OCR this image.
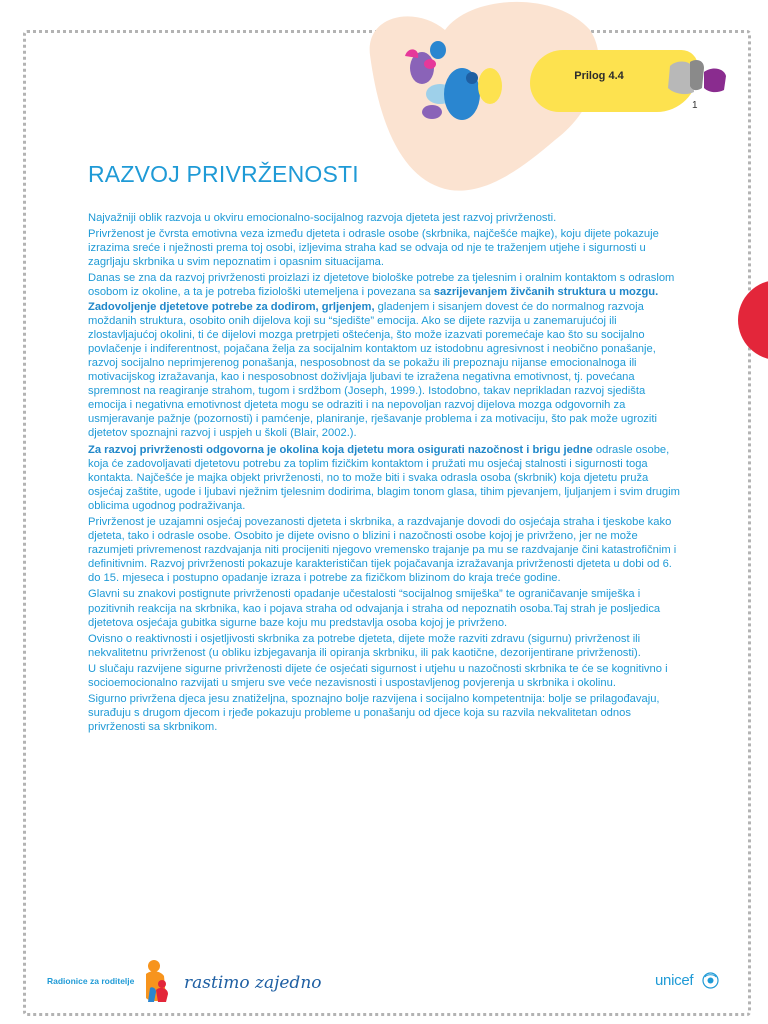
Prilog 4.4
1
RAZVOJ PRIVRŽENOSTI

Najvažniji oblik razvoja u okviru emocionalno-socijalnog razvoja djeteta jest razvoj privrženosti.

Privrženost je čvrsta emotivna veza između djeteta i odrasle osobe (skrbnika, najčešće majke), koju dijete pokazuje izrazima sreće i nježnosti prema toj osobi, izljevima straha kad se odvaja od nje te traženjem utjehe i sigurnosti u zagrljaju skrbnika u svim nepoznatim i opasnim situacijama.

Danas se zna da razvoj privrženosti proizlazi iz djetetove biološke potrebe za tjelesnim i oralnim kontaktom s odraslom osobom iz okoline, a ta je potreba fiziološki utemeljena i povezana sa sazrijevanjem živčanih struktura u mozgu. Zadovoljenje djetetove potrebe za dodirom, grljenjem, gladenjem i sisanjem dovest će do normalnog razvoja moždanih struktura, osobito onih dijelova koji su “sjedište” emocija. Ako se dijete razvija u zanemarujućoj ili zlostavljajućoj okolini, ti će dijelovi mozga pretrpjeti oštećenja, što može izazvati poremećaje kao što su socijalno povlačenje i indiferentnost, pojačana želja za socijalnim kontaktom uz istodobnu agresivnost i neobično ponašanje, razvoj socijalno neprimjerenog ponašanja, nesposobnost da se pokažu ili prepoznaju nijanse emocionalnoga ili motivacijskog izražavanja, kao i nesposobnost doživljaja ljubavi te izražena negativna emotivnost, tj. povećana spremnost na reagiranje strahom, tugom i srdžbom (Joseph, 1999.). Istodobno, takav neprikladan razvoj sjedišta emocija i negativna emotivnost djeteta mogu se odraziti i na nepovoljan razvoj dijelova mozga odgovornih za usmjeravanje pažnje (pozornosti) i pamćenje, planiranje, rješavanje problema i za motivaciju, što pak može ugroziti djetetov spoznajni razvoj i uspjeh u školi (Blair, 2002.).

Za razvoj privrženosti odgovorna je okolina koja djetetu mora osigurati nazočnost i brigu jedne odrasle osobe, koja će zadovoljavati djetetovu potrebu za toplim fizičkim kontaktom i pružati mu osjećaj stalnosti i sigurnosti toga kontakta. Najčešće je majka objekt privrženosti, no to može biti i svaka odrasla osoba (skrbnik) koja djetetu pruža osjećaj zaštite, ugode i ljubavi nježnim tjelesnim dodirima, blagim tonom glasa, tihim pjevanjem, ljuljanjem i svim drugim oblicima ugodnog podraživanja.

Privrženost je uzajamni osjećaj povezanosti djeteta i skrbnika, a razdvajanje dovodi do osjećaja straha i tjeskobe kako djeteta, tako i odrasle osobe. Osobito je dijete ovisno o blizini i nazočnosti osobe kojoj je privrženo, jer ne može razumjeti privremenost razdvajanja niti procijeniti njegovo vremensko trajanje pa mu se razdvajanje čini katastrofičnim i definitivnim. Razvoj privrženosti pokazuje karakterističan tijek pojačavanja izražavanja privrženosti djeteta u dobi od 6. do 15. mjeseca i postupno opadanje izraza i potrebe za fizičkom blizinom do kraja treće godine.

Glavni su znakovi postignute privrženosti opadanje učestalosti “socijalnog smiješka” te ograničavanje smiješka i pozitivnih reakcija na skrbnika, kao i pojava straha od odvajanja i straha od nepoznatih osoba.Taj strah je posljedica djetetova osjećaja gubitka sigurne baze koju mu predstavlja osoba kojoj je privrženo.

Ovisno o reaktivnosti i osjetljivosti skrbnika za potrebe djeteta, dijete može razviti zdravu (sigurnu) privrženost ili nekvalitetnu privrženost (u obliku izbjegavanja ili opiranja skrbniku, ili pak kaotične, dezorijentirane privrženosti).

U slučaju razvijene sigurne privrženosti dijete će osjećati sigurnost i utjehu u nazočnosti skrbnika te će se kognitivno i socioemocionalno razvijati u smjeru sve veće nezavisnosti i uspostavljenog povjerenja u skrbnika i okolinu.

Sigurno privržena djeca jesu znatiželjna, spoznajno bolje razvijena i socijalno kompetentnija: bolje se prilagođavaju, surađuju s drugom djecom i rjeđe pokazuju probleme u ponašanju od djece koja su razvila nekvalitetan odnos privrženosti sa skrbnikom.

Radionice za roditelje	rastimo zajedno	unicef
